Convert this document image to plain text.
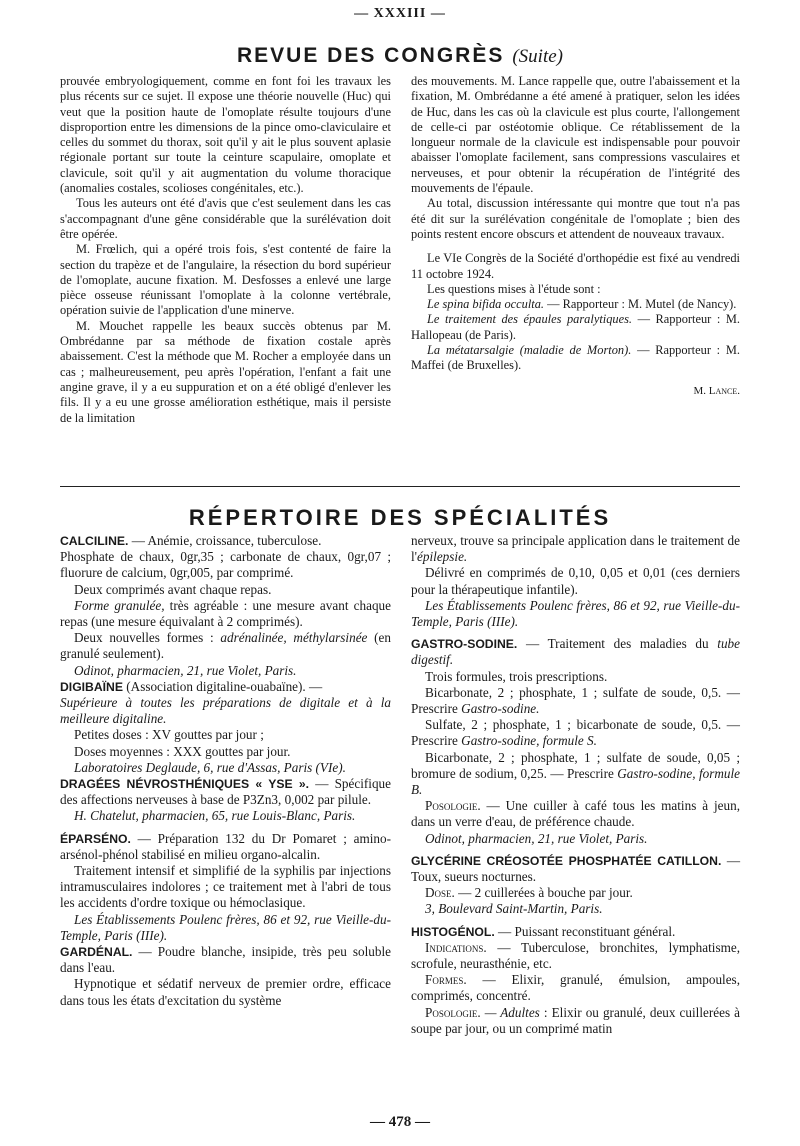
— XXXIII —
REVUE DES CONGRÈS (Suite)

prouvée embryologiquement, comme en font foi les travaux les plus récents sur ce sujet. Il expose une théorie nouvelle (Huc) qui veut que la position haute de l'omoplate résulte toujours d'une disproportion entre les dimensions de la pince omo-claviculaire et celles du sommet du thorax, soit qu'il y ait le plus souvent aplasie régionale portant sur toute la ceinture scapulaire, omoplate et clavicule, soit qu'il y ait augmentation du volume thoracique (anomalies costales, scolioses congénitales, etc.).

Tous les auteurs ont été d'avis que c'est seulement dans les cas s'accompagnant d'une gêne considérable que la surélévation doit être opérée.

M. Frœlich, qui a opéré trois fois, s'est contenté de faire la section du trapèze et de l'angulaire, la résection du bord supérieur de l'omoplate, aucune fixation. M. Desfosses a enlevé une large pièce osseuse réunissant l'omoplate à la colonne vertébrale, opération suivie de l'application d'une minerve.

M. Mouchet rappelle les beaux succès obtenus par M. Ombrédanne par sa méthode de fixation costale après abaissement. C'est la méthode que M. Rocher a employée dans un cas ; malheureusement, peu après l'opération, l'enfant a fait une angine grave, il y a eu suppuration et on a été obligé d'enlever les fils. Il y a eu une grosse amélioration esthétique, mais il persiste de la limitation

des mouvements. M. Lance rappelle que, outre l'abaissement et la fixation, M. Ombrédanne a été amené à pratiquer, selon les idées de Huc, dans les cas où la clavicule est plus courte, l'allongement de celle-ci par ostéotomie oblique. Ce rétablissement de la longueur normale de la clavicule est indispensable pour pouvoir abaisser l'omoplate facilement, sans compressions vasculaires et nerveuses, et pour obtenir la récupération de l'intégrité des mouvements de l'épaule.

Au total, discussion intéressante qui montre que tout n'a pas été dit sur la surélévation congénitale de l'omoplate ; bien des points restent encore obscurs et attendent de nouveaux travaux.

Le VIe Congrès de la Société d'orthopédie est fixé au vendredi 11 octobre 1924.

Les questions mises à l'étude sont :

Le spina bifida occulta. — Rapporteur : M. Mutel (de Nancy).

Le traitement des épaules paralytiques. — Rapporteur : M. Hallopeau (de Paris).

La métatarsalgie (maladie de Morton). — Rapporteur : M. Maffei (de Bruxelles).

M. Lance.
RÉPERTOIRE DES SPÉCIALITÉS
CALCILINE. — Anémie, croissance, tuberculose.
Phosphate de chaux, 0gr,35 ; carbonate de chaux, 0gr,07 ; fluorure de calcium, 0gr,005, par comprimé.
Deux comprimés avant chaque repas.
Forme granulée, très agréable : une mesure avant chaque repas (une mesure équivalant à 2 comprimés).
Deux nouvelles formes : adrénalinée, méthylarsinée (en granulé seulement).
Odinot, pharmacien, 21, rue Violet, Paris.
DIGIBAÏNE (Association digitaline-ouabaïne). —
Supérieure à toutes les préparations de digitale et à la meilleure digitaline.
Petites doses : XV gouttes par jour ;
Doses moyennes : XXX gouttes par jour.
Laboratoires Deglaude, 6, rue d'Assas, Paris (VIe).
DRAGÉES NÉVROSTHÉNIQUES « YSE ». — Spécifique des affections nerveuses à base de P3Zn3, 0,002 par pilule.
H. Chatelut, pharmacien, 65, rue Louis-Blanc, Paris.
ÉPARSÉNO. — Préparation 132 du Dr Pomaret ; amino-arsénol-phénol stabilisé en milieu organo-alcalin.
Traitement intensif et simplifié de la syphilis par injections intramusculaires indolores ; ce traitement met à l'abri de tous les accidents d'ordre toxique ou hémoclasique.
Les Établissements Poulenc frères, 86 et 92, rue Vieille-du-Temple, Paris (IIIe).
GARDÉNAL. — Poudre blanche, insipide, très peu soluble dans l'eau.
Hypnotique et sédatif nerveux de premier ordre, efficace dans tous les états d'excitation du système
nerveux, trouve sa principale application dans le traitement de l'épilepsie.
Délivré en comprimés de 0,10, 0,05 et 0,01 (ces derniers pour la thérapeutique infantile).
Les Établissements Poulenc frères, 86 et 92, rue Vieille-du-Temple, Paris (IIIe).
GASTRO-SODINE. — Traitement des maladies du tube digestif.
Trois formules, trois prescriptions.
Bicarbonate, 2 ; phosphate, 1 ; sulfate de soude, 0,5. — Prescrire Gastro-sodine.
Sulfate, 2 ; phosphate, 1 ; bicarbonate de soude, 0,5. — Prescrire Gastro-sodine, formule S.
Bicarbonate, 2 ; phosphate, 1 ; sulfate de soude, 0,05 ; bromure de sodium, 0,25. — Prescrire Gastro-sodine, formule B.
Posologie. — Une cuiller à café tous les matins à jeun, dans un verre d'eau, de préférence chaude.
Odinot, pharmacien, 21, rue Violet, Paris.
GLYCÉRINE CRÉOSOTÉE PHOSPHATÉE CATILLON. — Toux, sueurs nocturnes.
Dose. — 2 cuillerées à bouche par jour.
3, Boulevard Saint-Martin, Paris.
HISTOGÉNOL. — Puissant reconstituant général.
Indications. — Tuberculose, bronchites, lymphatisme, scrofule, neurasthénie, etc.
Formes. — Elixir, granulé, émulsion, ampoules, comprimés, concentré.
Posologie. — Adultes : Elixir ou granulé, deux cuillerées à soupe par jour, ou un comprimé matin
— 478 —
